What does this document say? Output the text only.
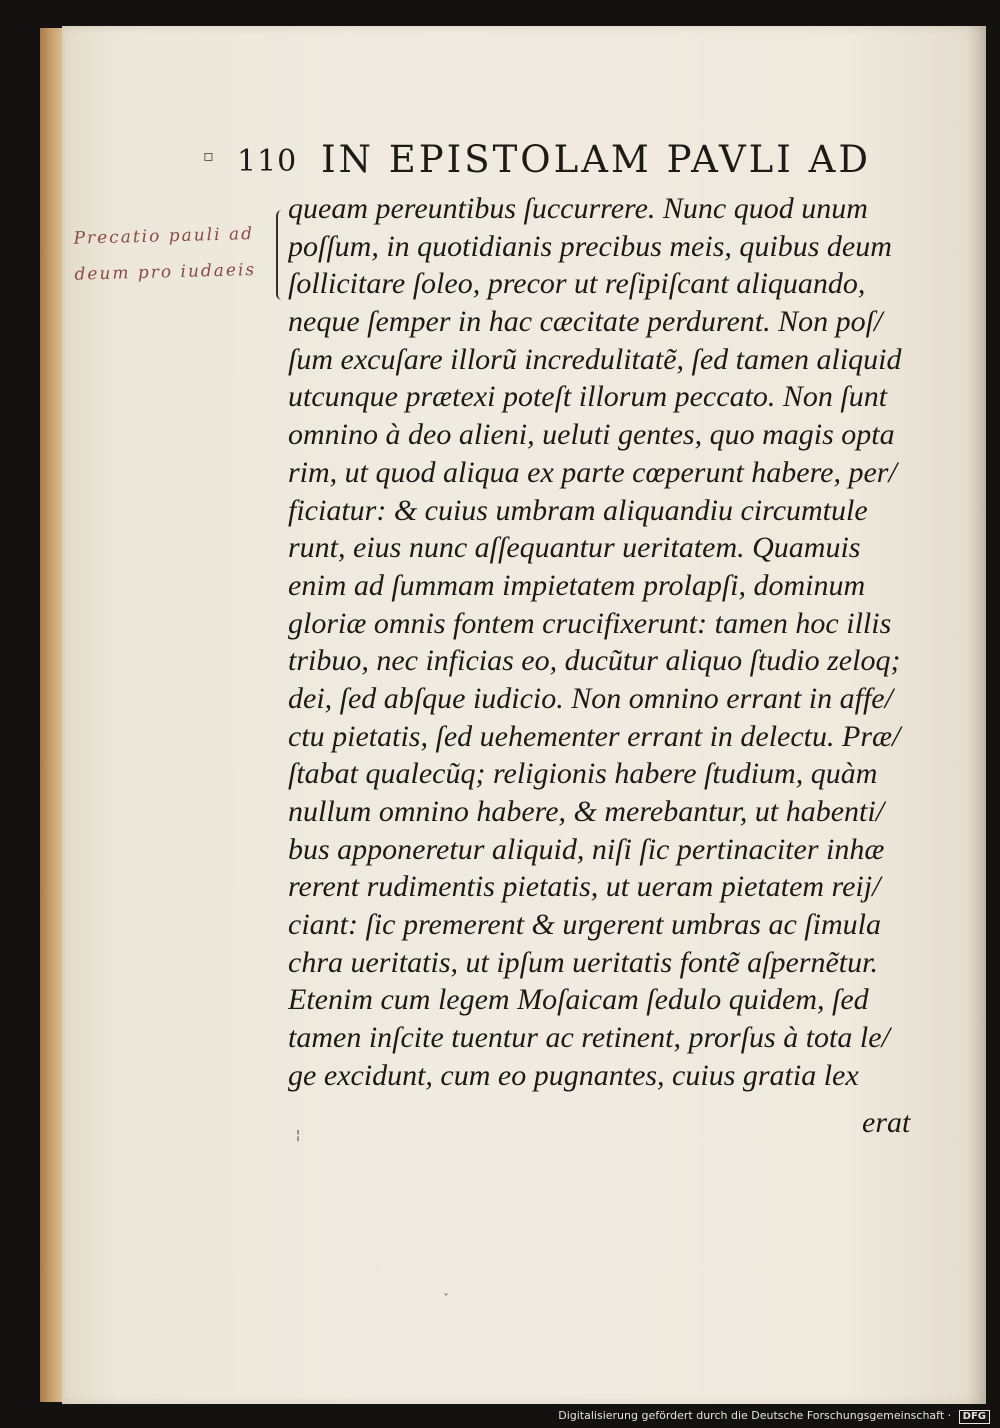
▫ 110 IN EPISTOLAM PAVLI AD
Precatio pauli ad
deum pro iudaeis
queam pereuntibus ſuccurrere. Nunc quod unum
poſſum, in quotidianis precibus meis, quibus deum
ſollicitare ſoleo, precor ut reſipiſcant aliquando,
neque ſemper in hac cæcitate perdurent. Non poſ/
ſum excuſare illorũ incredulitatẽ, ſed tamen aliquid
utcunque prætexi poteſt illorum peccato. Non ſunt
omnino à deo alieni, ueluti gentes, quo magis opta
rim, ut quod aliqua ex parte cœperunt habere, per/
ficiatur: & cuius umbram aliquandiu circumtule
runt, eius nunc aſſequantur ueritatem. Quamuis
enim ad ſummam impietatem prolapſi, dominum
gloriæ omnis fontem crucifixerunt: tamen hoc illis
tribuo, nec inficias eo, ducũtur aliquo ſtudio zeloq;
dei, ſed abſque iudicio. Non omnino errant in affe/
ctu pietatis, ſed uehementer errant in delectu. Præ/
ſtabat qualecũq; religionis habere ſtudium, quàm
nullum omnino habere, & merebantur, ut habenti/
bus apponeretur aliquid, niſi ſic pertinaciter inhæ
rerent rudimentis pietatis, ut ueram pietatem reij/
ciant: ſic premerent & urgerent umbras ac ſimula
chra ueritatis, ut ipſum ueritatis fontẽ aſpernẽtur.
Etenim cum legem Moſaicam ſedulo quidem, ſed
tamen inſcite tuentur ac retinent, prorſus à tota le/
ge excidunt, cum eo pugnantes, cuius gratia lex
erat
¦
ˇ
Digitalisierung gefördert durch die Deutsche Forschungsgemeinschaft · DFG
